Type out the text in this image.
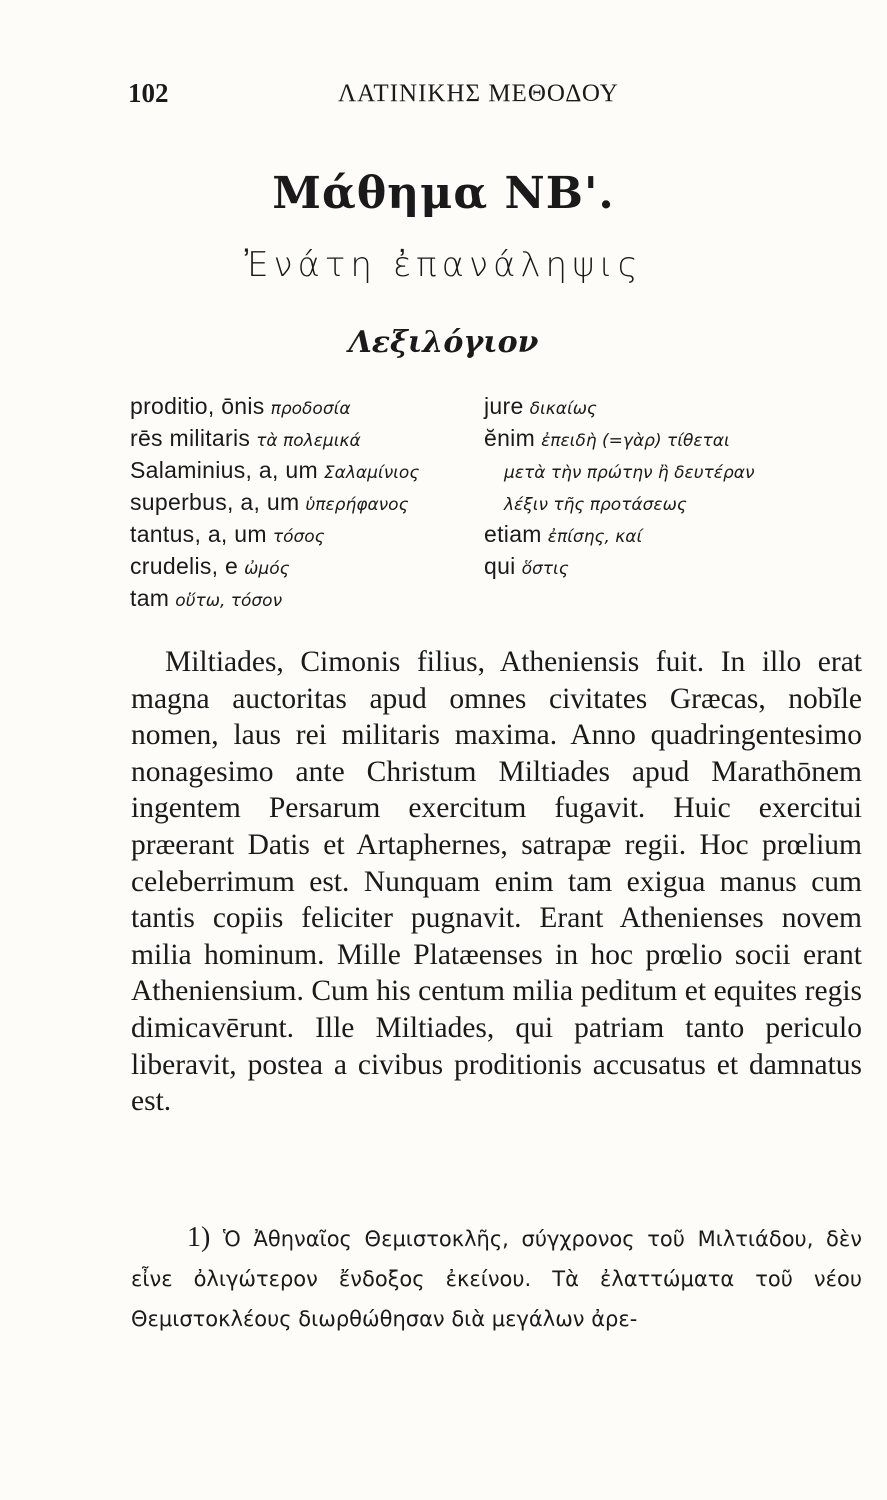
102	ΛΑΤΙΝΙΚΗΣ ΜΕΘΟΔΟΥ
Μάθημα ΝΒ'.
Ἐνάτη ἐπανάληψις
Λεξιλόγιον
proditio, ōnis προδοσία
rēs militaris τὰ πολεμικά
Salaminius, a, um Σαλαμίνιος
superbus, a, um ὑπερήφανος
tantus, a, um τόσος
crudelis, e ὠμός
tam οὕτω, τόσον
jure δικαίως
ĕnim ἐπειδὴ (=γὰρ) τίθεται
μετὰ τὴν πρώτην ἢ δευτέραν
λέξιν τῆς προτάσεως
etiam ἐπίσης, καί
qui ὅστις

Miltiades, Cimonis filius, Atheniensis fuit. In illo erat magna auctoritas apud omnes civitates Græcas, nobĭle nomen, laus rei militaris maxima. Anno quadringentesimo nonagesimo ante Christum Miltiades apud Marathōnem ingentem Persarum exercitum fugavit. Huic exercitui præerant Datis et Artaphernes, satrapæ regii. Hoc prœlium celeberrimum est. Nunquam enim tam exigua manus cum tantis copiis feliciter pugnavit. Erant Athenienses novem milia hominum. Mille Platæenses in hoc prœlio socii erant Atheniensium. Cum his centum milia peditum et equites regis dimicavērunt. Ille Miltiades, qui patriam tanto periculo liberavit, postea a civibus proditionis accusatus et damnatus est.

1) Ὁ Ἀθηναῖος Θεμιστοκλῆς, σύγχρονος τοῦ Μιλτιάδου, δὲν εἶνε ὀλιγώτερον ἔνδοξος ἐκείνου. Τὰ ἐλαττώματα τοῦ νέου Θεμιστοκλέους διωρθώθησαν διὰ μεγάλων ἀρε-
